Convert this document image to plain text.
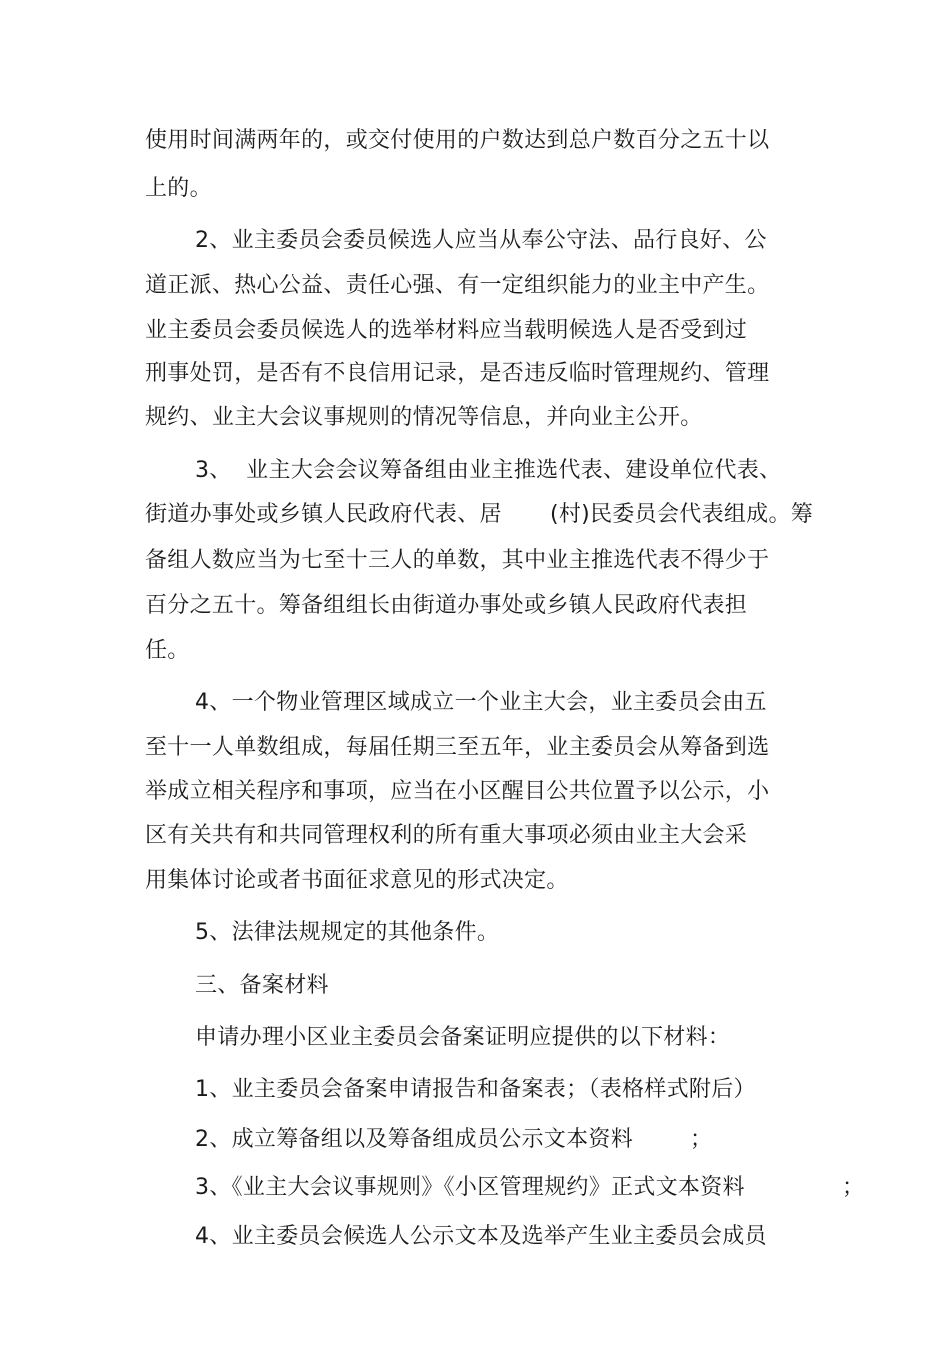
使用时间满两年的，或交付使用的户数达到总户数百分之五十以
上的。
2、业主委员会委员候选人应当从奉公守法、品行良好、公
道正派、热心公益、责任心强、有一定组织能力的业主中产生。
业主委员会委员候选人的选举材料应当载明候选人是否受到过
刑事处罚，是否有不良信用记录，是否违反临时管理规约、管理
规约、业主大会议事规则的情况等信息，并向业主公开。
3、  业主大会会议筹备组由业主推选代表、建设单位代表、
街道办事处或乡镇人民政府代表、居 (村)民委员会代表组成。筹
备组人数应当为七至十三人的单数，其中业主推选代表不得少于
百分之五十。筹备组组长由街道办事处或乡镇人民政府代表担
任。
4、一个物业管理区域成立一个业主大会，业主委员会由五
至十一人单数组成，每届任期三至五年，业主委员会从筹备到选
举成立相关程序和事项，应当在小区醒目公共位置予以公示，小
区有关共有和共同管理权利的所有重大事项必须由业主大会采
用集体讨论或者书面征求意见的形式决定。
5、法律法规规定的其他条件。
三、备案材料
申请办理小区业主委员会备案证明应提供的以下材料：
1、业主委员会备案申请报告和备案表；（表格样式附后）
2、成立筹备组以及筹备组成员公示文本资料	；
3、《业主大会议事规则》《小区管理规约》正式文本资料	；
4、业主委员会候选人公示文本及选举产生业主委员会成员
